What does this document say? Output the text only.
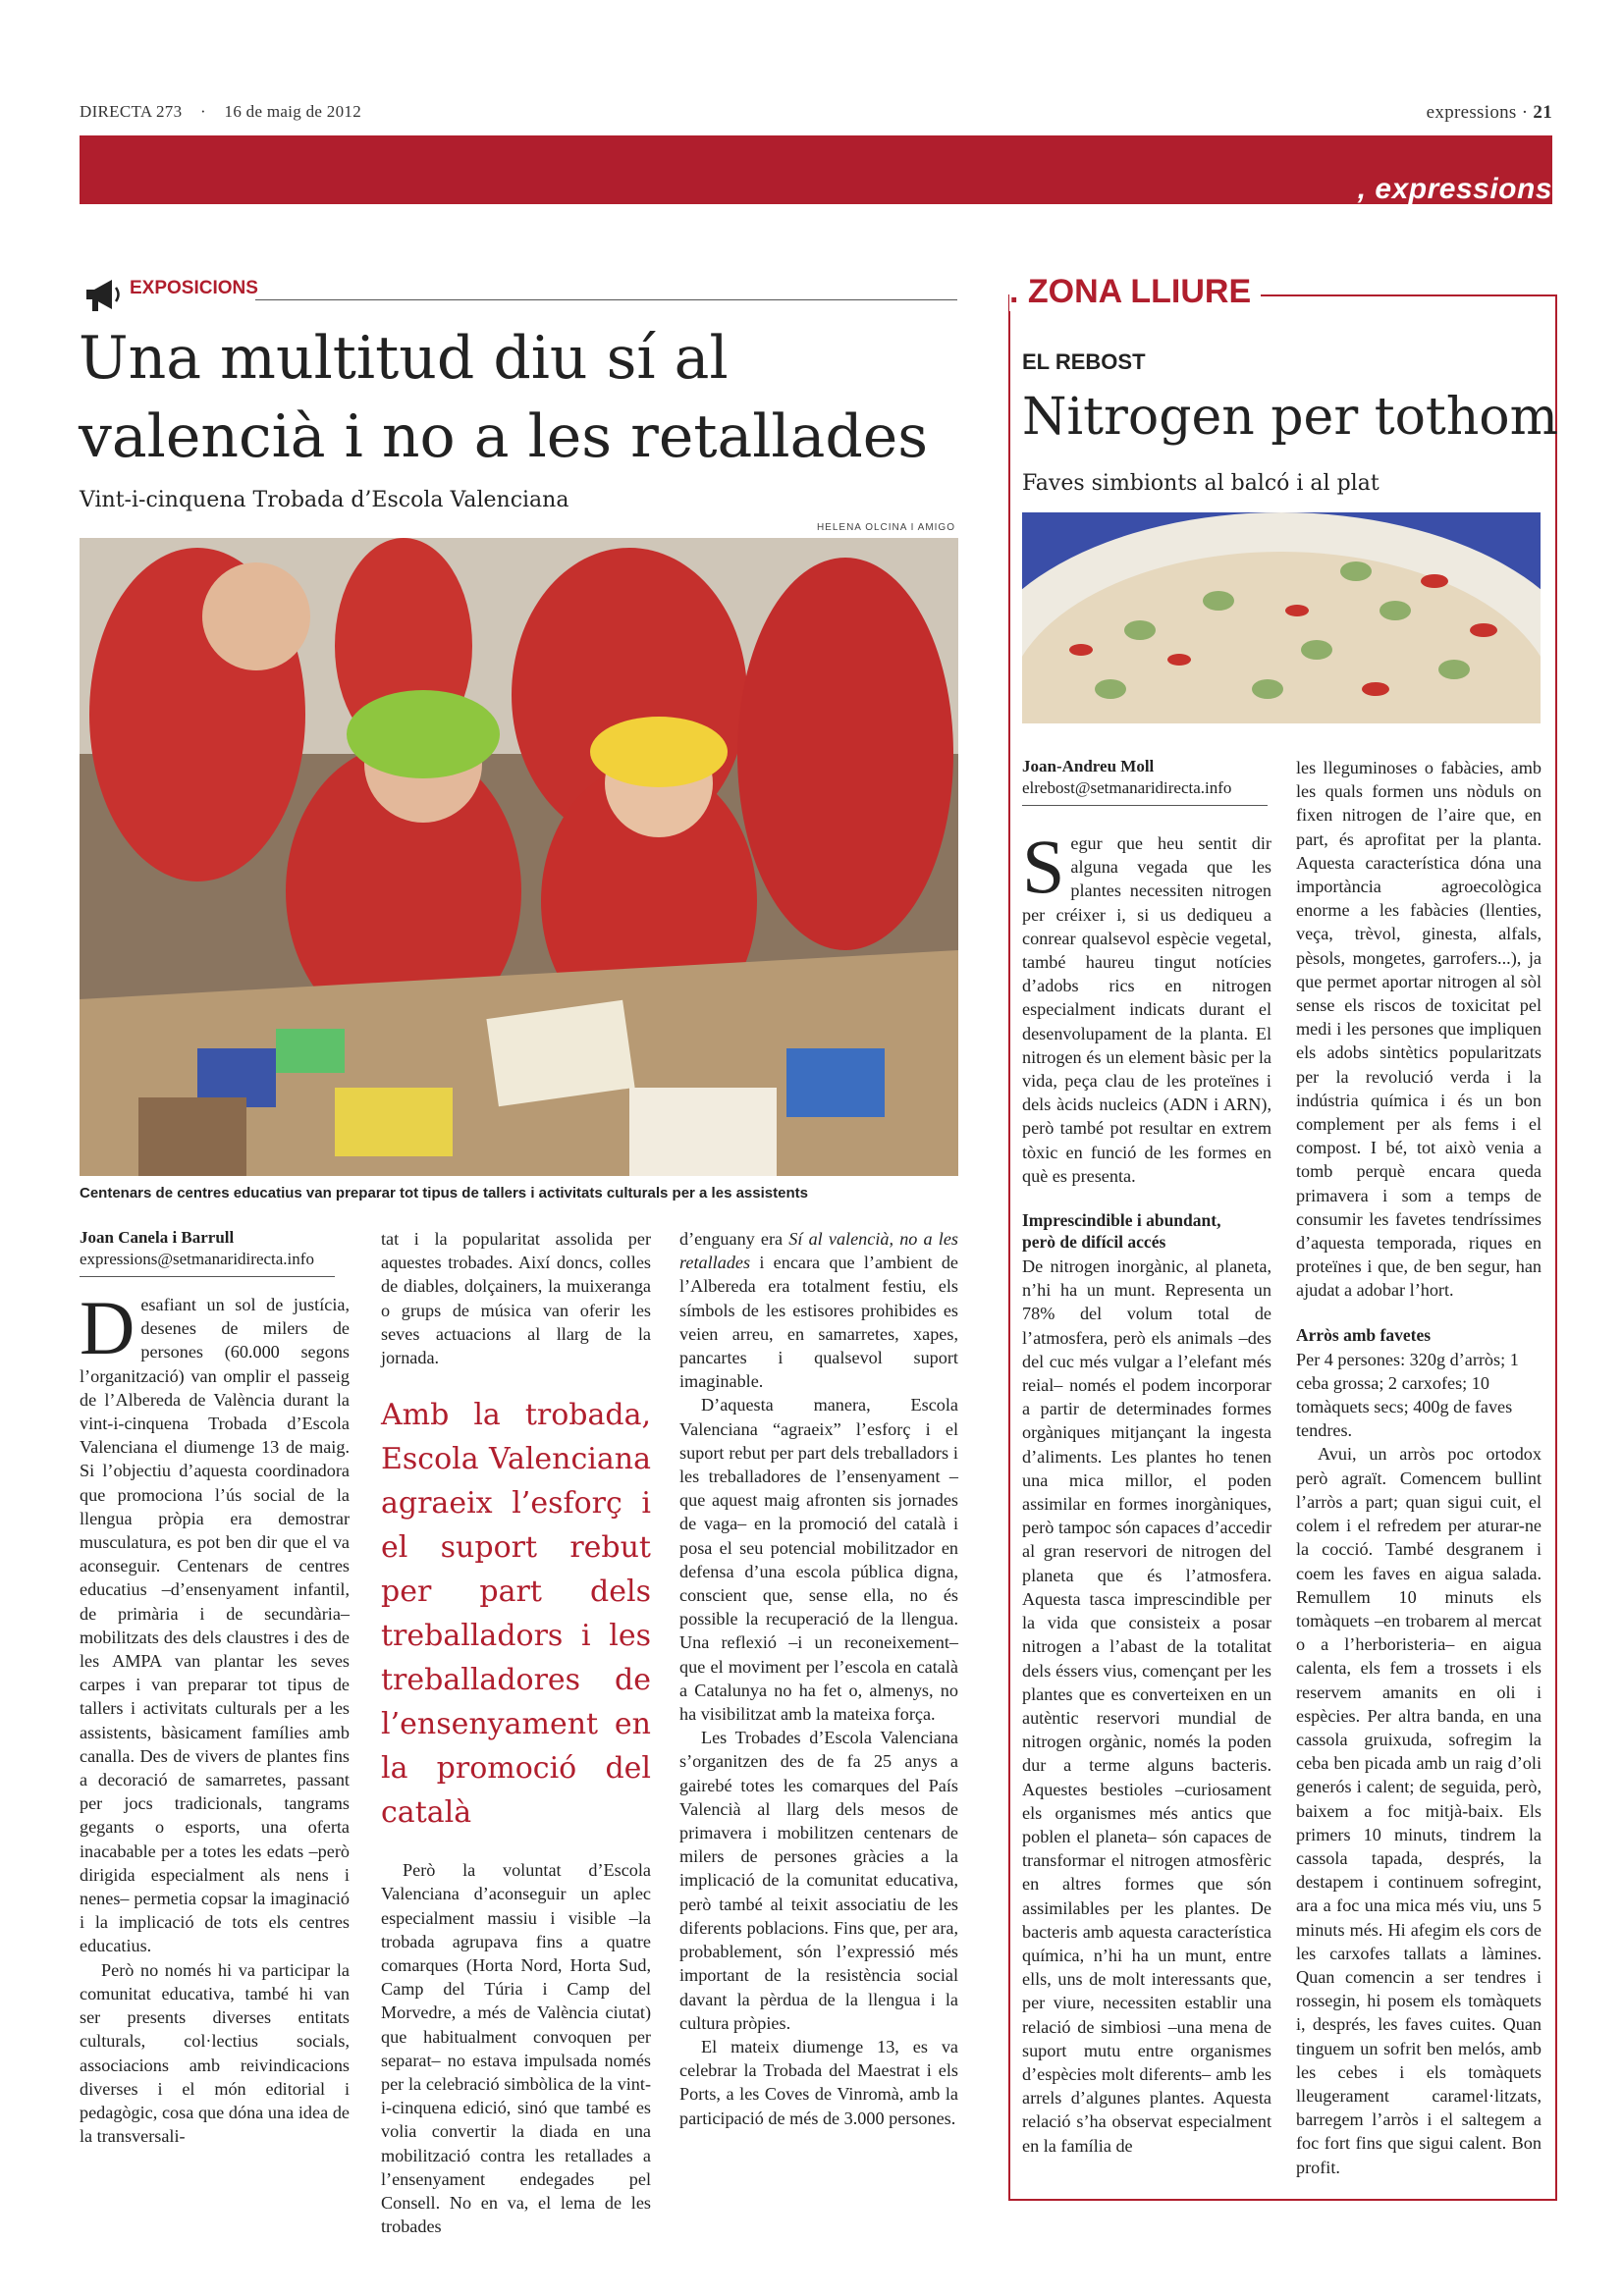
DIRECTA 273 · 16 de maig de 2012	expressions · 21
, expressions
EXPOSICIONS
Una multitud diu sí al
valencià i no a les retallades
Vint-i-cinquena Trobada d’Escola Valenciana
HELENA OLCINA I AMIGO
Centenars de centres educatius van preparar tot tipus de tallers i activitats culturals per a les assistents
Joan Canela i Barrull
expressions@setmanaridirecta.info

Desafiant un sol de justícia, desenes de milers de persones (60.000 segons l’organització) van omplir el passeig de l’Albereda de València durant la vint-i-cinquena Trobada d’Escola Valenciana el diumenge 13 de maig. Si l’objectiu d’aquesta coordinadora que promociona l’ús social de la llengua pròpia era demostrar musculatura, es pot ben dir que el va aconseguir. Centenars de centres educatius –d’ensenyament infantil, de primària i de secundària– mobilitzats des dels claustres i des de les AMPA van plantar les seves carpes i van preparar tot tipus de tallers i activitats culturals per a les assistents, bàsicament famílies amb canalla. Des de vivers de plantes fins a decoració de samarretes, passant per jocs tradicionals, tangrams gegants o esports, una oferta inacabable per a totes les edats –però dirigida especialment als nens i nenes– permetia copsar la imaginació i la implicació de tots els centres educatius.

Però no només hi va participar la comunitat educativa, també hi van ser presents diverses entitats culturals, col·lectius socials, associacions amb reivindicacions diverses i el món editorial i pedagògic, cosa que dóna una idea de la transversali-

tat i la popularitat assolida per aquestes trobades. Així doncs, colles de diables, dolçainers, la muixeranga o grups de música van oferir les seves actuacions al llarg de la jornada.

Amb la trobada, Escola Valenciana agraeix l’esforç i el suport rebut per part dels treballadors i les treballadores de l’ensenyament en la promoció del català

Però la voluntat d’Escola Valenciana d’aconseguir un aplec especialment massiu i visible –la trobada agrupava fins a quatre comarques (Horta Nord, Horta Sud, Camp del Túria i Camp del Morvedre, a més de València ciutat) que habitualment convoquen per separat– no estava impulsada només per la celebració simbòlica de la vint-i-cinquena edició, sinó que també es volia convertir la diada en una mobilització contra les retallades a l’ensenyament endegades pel Consell. No en va, el lema de les trobades

d’enguany era Sí al valencià, no a les retallades i encara que l’ambient de l’Albereda era totalment festiu, els símbols de les estisores prohibides es veien arreu, en samarretes, xapes, pancartes i qualsevol suport imaginable.

D’aquesta manera, Escola Valenciana “agraeix” l’esforç i el suport rebut per part dels treballadors i les treballadores de l’ensenyament –que aquest maig afronten sis jornades de vaga– en la promoció del català i posa el seu potencial mobilitzador en defensa d’una escola pública digna, conscient que, sense ella, no és possible la recuperació de la llengua. Una reflexió –i un reconeixement– que el moviment per l’escola en català a Catalunya no ha fet o, almenys, no ha visibilitzat amb la mateixa força.

Les Trobades d’Escola Valenciana s’organitzen des de fa 25 anys a gairebé totes les comarques del País Valencià al llarg dels mesos de primavera i mobilitzen centenars de milers de persones gràcies a la implicació de la comunitat educativa, però també al teixit associatiu de les diferents poblacions. Fins que, per ara, probablement, són l’expressió més important de la resistència social davant la pèrdua de la llengua i la cultura pròpies.

El mateix diumenge 13, es va celebrar la Trobada del Maestrat i els Ports, a les Coves de Vinromà, amb la participació de més de 3.000 persones.

. ZONA LLIURE
EL REBOST
Nitrogen per tothom
Faves simbionts al balcó i al plat
Joan-Andreu Moll
elrebost@setmanaridirecta.info

Segur que heu sentit dir alguna vegada que les plantes necessiten nitrogen per créixer i, si us dediqueu a conrear qualsevol espècie vegetal, també haureu tingut notícies d’adobs rics en nitrogen especialment indicats durant el desenvolupament de la planta. El nitrogen és un element bàsic per la vida, peça clau de les proteïnes i dels àcids nucleics (ADN i ARN), però també pot resultar en extrem tòxic en funció de les formes en què es presenta.

Imprescindible i abundant,
però de difícil accés

De nitrogen inorgànic, al planeta, n’hi ha un munt. Representa un 78% del volum total de l’atmosfera, però els animals –des del cuc més vulgar a l’elefant més reial– només el podem incorporar a partir de determinades formes orgàniques mitjançant la ingesta d’aliments. Les plantes ho tenen una mica millor, el poden assimilar en formes inorgàniques, però tampoc són capaces d’accedir al gran reservori de nitrogen del planeta que és l’atmosfera. Aquesta tasca imprescindible per la vida que consisteix a posar nitrogen a l’abast de la totalitat dels éssers vius, començant per les plantes que es converteixen en un autèntic reservori mundial de nitrogen orgànic, només la poden dur a terme alguns bacteris. Aquestes bestioles –curiosament els organismes més antics que poblen el planeta– són capaces de transformar el nitrogen atmosfèric en altres formes que són assimilables per les plantes. De bacteris amb aquesta característica química, n’hi ha un munt, entre ells, uns de molt interessants que, per viure, necessiten establir una relació de simbiosi –una mena de suport mutu entre organismes d’espècies molt diferents– amb les arrels d’algunes plantes. Aquesta relació s’ha observat especialment en la família de

les lleguminoses o fabàcies, amb les quals formen uns nòduls on fixen nitrogen de l’aire que, en part, és aprofitat per la planta. Aquesta característica dóna una importància agroecològica enorme a les fabàcies (llenties, veça, trèvol, ginesta, alfals, pèsols, mongetes, garrofers...), ja que permet aportar nitrogen al sòl sense els riscos de toxicitat pel medi i les persones que impliquen els adobs sintètics popularitzats per la revolució verda i la indústria química i és un bon complement per als fems i el compost. I bé, tot això venia a tomb perquè encara queda primavera i som a temps de consumir les favetes tendríssimes d’aquesta temporada, riques en proteïnes i que, de ben segur, han ajudat a adobar l’hort.

Arròs amb favetes

Per 4 persones: 320g d’arròs; 1 ceba grossa; 2 carxofes; 10 tomàquets secs; 400g de faves tendres.

Avui, un arròs poc ortodox però agraït. Comencem bullint l’arròs a part; quan sigui cuit, el colem i el refredem per aturar-ne la cocció. També desgranem i coem les faves en aigua salada. Remullem 10 minuts els tomàquets –en trobarem al mercat o a l’herboristeria– en aigua calenta, els fem a trossets i els reservem amanits en oli i espècies. Per altra banda, en una cassola gruixuda, sofregim la ceba ben picada amb un raig d’oli generós i calent; de seguida, però, baixem a foc mitjà-baix. Els primers 10 minuts, tindrem la cassola tapada, després, la destapem i continuem sofregint, ara a foc una mica més viu, uns 5 minuts més. Hi afegim els cors de les carxofes tallats a làmines. Quan comencin a ser tendres i rossegin, hi posem els tomàquets i, després, les faves cuites. Quan tinguem un sofrit ben melós, amb les cebes i els tomàquets lleugerament caramel·litzats, barregem l’arròs i el saltegem a foc fort fins que sigui calent. Bon profit.
